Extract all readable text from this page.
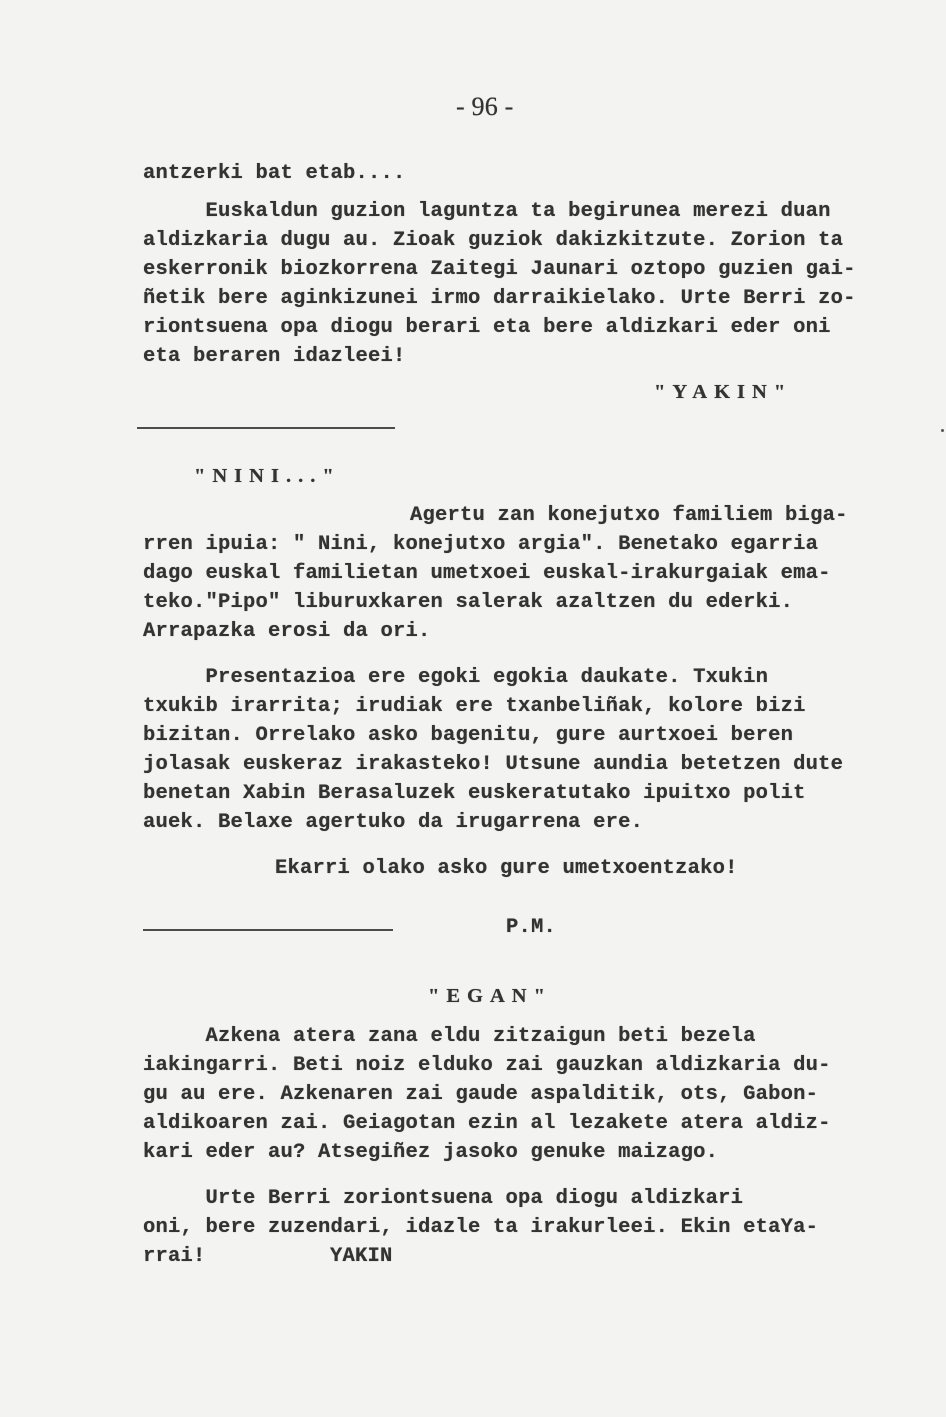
- 96 -
antzerki bat etab....
Euskaldun guzion laguntza ta begirunea merezi duan
aldizkaria dugu au. Zioak guziok dakizkitzute. Zorion ta
eskerronik biozkorrena Zaitegi Jaunari oztopo guzien gai-
ñetik bere aginkizunei irmo darraikielako. Urte Berri zo-
riontsuena opa diogu berari eta bere aldizkari eder oni
eta beraren idazleei!
"YAKIN"
"NINI..."
Agertu zan konejutxo familiem biga-
rren ipuia: " Nini, konejutxo argia". Benetako egarria
dago euskal familietan umetxoei euskal-irakurgaiak ema-
teko."Pipo" liburuxkaren salerak azaltzen du ederki.
Arrapazka erosi da ori.
Presentazioa ere egoki egokia daukate. Txukin
txukib irarrita; irudiak ere txanbeliñak, kolore bizi
bizitan. Orrelako asko bagenitu, gure aurtxoei beren
jolasak euskeraz irakasteko! Utsune aundia betetzen dute
benetan Xabin Berasaluzek euskeratutako ipuitxo polit
auek. Belaxe agertuko da irugarrena ere.
Ekarri olako asko gure umetxoentzako!
P.M.
"EGAN"
Azkena atera zana eldu zitzaigun beti bezela
iakingarri. Beti noiz elduko zai gauzkan aldizkaria du-
gu au ere. Azkenaren zai gaude aspalditik, ots, Gabon-
aldikoaren zai. Geiagotan ezin al lezakete atera aldiz-
kari eder au? Atsegiñez jasoko genuke maizago.
Urte Berri zoriontsuena opa diogu aldizkari
oni, bere zuzendari, idazle ta irakurleei. Ekin etaYa-
rrai!	YAKIN
